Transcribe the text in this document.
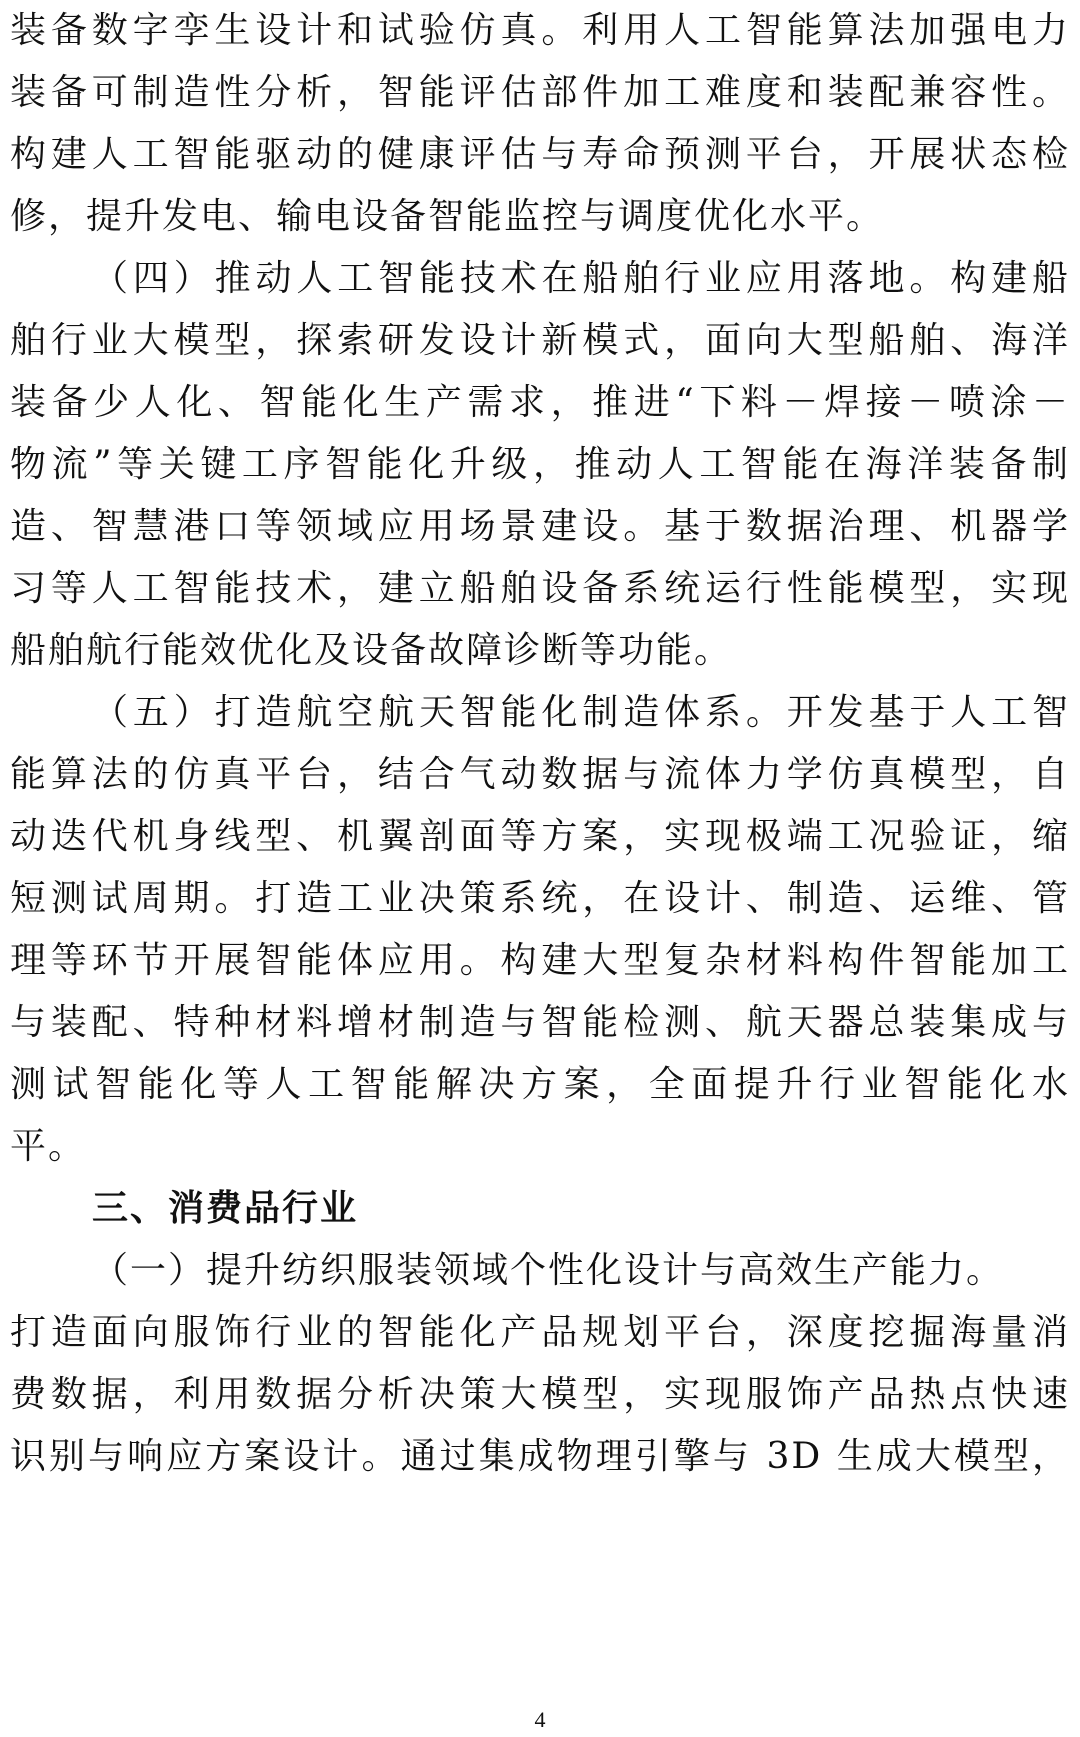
装备数字孪生设计和试验仿真。利用人工智能算法加强电力
装备可制造性分析，智能评估部件加工难度和装配兼容性。
构建人工智能驱动的健康评估与寿命预测平台，开展状态检
修，提升发电、输电设备智能监控与调度优化水平。
（四）推动人工智能技术在船舶行业应用落地。构建船
舶行业大模型，探索研发设计新模式，面向大型船舶、海洋
装备少人化、智能化生产需求，推进“下料－焊接－喷涂－
物流”等关键工序智能化升级，推动人工智能在海洋装备制
造、智慧港口等领域应用场景建设。基于数据治理、机器学
习等人工智能技术，建立船舶设备系统运行性能模型，实现
船舶航行能效优化及设备故障诊断等功能。
（五）打造航空航天智能化制造体系。开发基于人工智
能算法的仿真平台，结合气动数据与流体力学仿真模型，自
动迭代机身线型、机翼剖面等方案，实现极端工况验证，缩
短测试周期。打造工业决策系统，在设计、制造、运维、管
理等环节开展智能体应用。构建大型复杂材料构件智能加工
与装配、特种材料增材制造与智能检测、航天器总装集成与
测试智能化等人工智能解决方案，全面提升行业智能化水
平。
三、消费品行业
（一）提升纺织服装领域个性化设计与高效生产能力。
打造面向服饰行业的智能化产品规划平台，深度挖掘海量消
费数据，利用数据分析决策大模型，实现服饰产品热点快速
识别与响应方案设计。通过集成物理引擎与 3D 生成大模型，
4
